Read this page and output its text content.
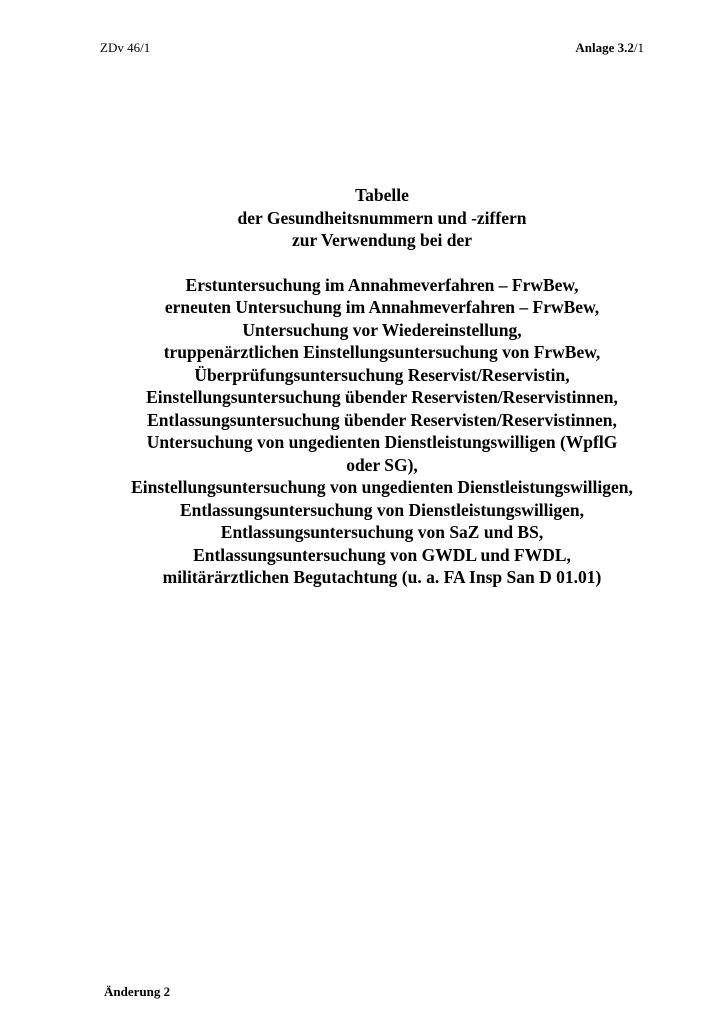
ZDv 46/1	Anlage 3.2/1
Tabelle
der Gesundheitsnummern und -ziffern
zur Verwendung bei der
Erstuntersuchung im Annahmeverfahren – FrwBew,
erneuten Untersuchung im Annahmeverfahren – FrwBew,
Untersuchung vor Wiedereinstellung,
truppenärztlichen Einstellungsuntersuchung von FrwBew,
Überprüfungsuntersuchung Reservist/Reservistin,
Einstellungsuntersuchung übender Reservisten/Reservistinnen,
Entlassungsuntersuchung übender Reservisten/Reservistinnen,
Untersuchung von ungedienten Dienstleistungswilligen (WpflG
oder SG),
Einstellungsuntersuchung von ungedienten Dienstleistungswilligen,
Entlassungsuntersuchung von Dienstleistungswilligen,
Entlassungsuntersuchung von SaZ und BS,
Entlassungsuntersuchung von GWDL und FWDL,
militärärztlichen Begutachtung (u. a. FA Insp San D 01.01)
Änderung 2
